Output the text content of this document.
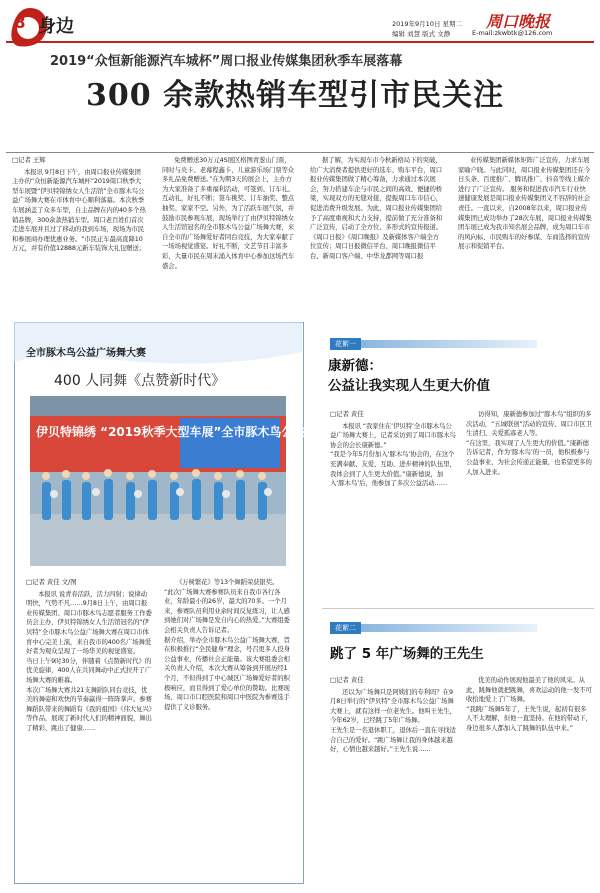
8 身边	2019年9月10日 星期二
编辑 刘慧 版式 文静	E-mail:zkwbtk@126.com
周口晚报
2019“众恒新能源汽车城杯”周口报业传媒集团秋季车展落幕
300 余款热销车型引市民关注
□记者 王辉

本报讯 9月8日下午，由周口报业传媒集团主办的“众恒新能源汽车城杯”2019周口秋季大型车展暨“伊贝特锦绣女人生活馆”全市豚木鸟公益广场舞大赛在市体育中心顺利落幕。本次秋季车展涵盖了众多车型，自主品牌在内的40多个热销品牌，300余款热销车型。周口老百姓们首次走进车展并且过了移动的我到车场，现场为市民和参展商办理优惠业务。“市民正车最高直降10万元，并有价值12888元新车装饰大礼包赠送；

免费赠送30万元4S展区格图青葱山门票，同时与央卡、老幕程鑫卡、儿童游乐场门票等众多礼品免费赠送。”在为期3天的展会上，主办方为大家准备了多重福利活动，可签到、订车礼、互动礼，好礼不断；签车挑奖、订车抽奖、整点抽奖、家家不空。另外，为了活跃车展气氛，并鼓励市民参观车展，现场举行了由伊贝特锦绣女人生活馆冠名的全市豚木鸟公益广场舞大赛，来自全市的广场舞爱好者同台竞技，为大家奉献了一场场视觉盛宴。好礼不断，文艺节目丰富多彩，大量市民在周末涌入体育中心参加这场汽车盛会。

据了解，为实现车市今秋新格局下的突破，给广大消费者提供更好的选车、购车平台，周口报业传媒集团做了精心筹备，力求通过本次展会，努力搭建车企与市民之间的高效、便捷的桥梁，实现双方的无缝对接，提振周口车市信心，促进消费升级发展。为此，周口报业传媒集团给予了高度重视和大力支持，提前做了充分准备和广泛宣传，启动了全方位、多形式的宣传报道。《周口日报》《周口晚报》及新媒体客户端全方位宣传；周口日报微信平台、周口晚报微信平台、新周口客户端、中华龙都网等周口报

业传媒集团新媒体矩阵广泛宣传，力求车展家喻户晓。与此同时，周口报业传媒集团还在今日头条、百度推广、腾讯推广、抖音等线上媒介进行了广泛宣传。 服务和促进我市汽车行业快速健康发展是周口报业传媒集团义不容辞的社会责任。一直以来，自2008年以来，周口报业传媒集团已成功举办了28次车展，周口报业传媒集团车展已成为我市知名展会品牌，成为周口车市的风向标、市民购车的好参谋、车商选择的宣传展示和促销平台。

全市豚木鸟公益广场舞大赛
400 人同舞《点赞新时代》
伊贝特锦绣 “2019秋季大型车展”全市豚木鸟公益广场舞大赛
□记者 黄佳 文/图

本报讯 说青春活跃，活力四射；说律动明快，气势不凡……9月8日上午，由周口报业传媒集团、周口市豚木鸟志愿者服务工作委员会主办，伊贝特锦绣女人生活馆冠名的“伊贝特”全市豚木鸟公益广场舞大赛在周口市体育中心完美上演，来自我市的400名广场舞爱好者为观众呈现了一场华美的视觉盛宴。
当日上午9时30分，伴随着《点赞新时代》的优美旋律，400人在共同舞动中正式拉开了广场舞大赛的帷幕。
本次广场舞大赛共21支舞蹈队同台竞技，优美的舞姿和欢快的节奏赢得一阵阵掌声。参赛舞蹈队带来的舞蹈有《我的祖国》《伟大复兴》等作品，展现了新时代人们的精神面貌，舞出了精彩、跳出了健康……

《万树繁花》等13个舞蹈荣获银奖。
“此次广场舞大赛参赛队员来自我市各行各业，年龄最小的26岁，最大的70多。一个月来，参赛队员利用业余时间反复练习，让人感到她们对广场舞是发自内心的热爱。”大赛组委会相关负责人告诉记者。
据介绍，举办全市豚木鸟公益广场舞大赛，旨在积极推行“全民健身”理念，号召更多人投身公益事业，传播社会正能量。该大赛组委会相关负责人介绍，本次大赛从筹备到开展历经1个月，不但得到了中心城区广场舞爱好者的积极响应，而且得到了爱心单位的赞助。比赛现场，周口市口腔医院和周口中医院为参赛选手提供了义诊服务。

花絮一
康新德：
公益让我实现人生更大价值
□记者 黄佳

本报讯 “我家住在‘伊贝特’全市豚木鸟公益广场舞大赛上，记者采访到了周口市豚木鸟协会的会长康新德。”
“我是今年5月份加入‘豚木鸟’协会的，在这个充满奉献、友爱、互助、进步精神的队伍里，我体会到了人生更大价值。”康新德说，加入‘豚木鸟’后，他参加了多次公益活动……

访得知，康新德参加过“豚木鸟”组织的多次活动，“五城联创”活动的宣传、周口市区卫生清扫、关爱孤寡老人等。
“在这里，我实现了人生更大的价值。”康新德告诉记者，作为‘豚木鸟’的一员，他积极参与公益事业，为社会传递正能量，也希望更多的人加入进来。

花絮二
跳了 5 年广场舞的王先生
□记者 黄佳

还以为广场舞只是阿姨们的专利吗？在9月8日举行的“伊贝特”全市豚木鸟公益广场舞大赛上，就有这样一位老先生。他叫王先生，今年62岁，已经跳了5年广场舞。
王先生是一名退休职工，退休后一直在寻找适合自己的爱好。“跳广场舞让我的身体越来越好，心情也越来越好。”王先生说……

优美的动作展现他最美了他的风采。从此，跳舞他就把跳舞，喜欢运动的他一发不可收拾地爱上了广场舞。
“我跳广场舞5年了，王先生说，起初有很多人不太理解，但他一直坚持。在他的带动下，身边很多人都加入了跳舞的队伍中来。”
